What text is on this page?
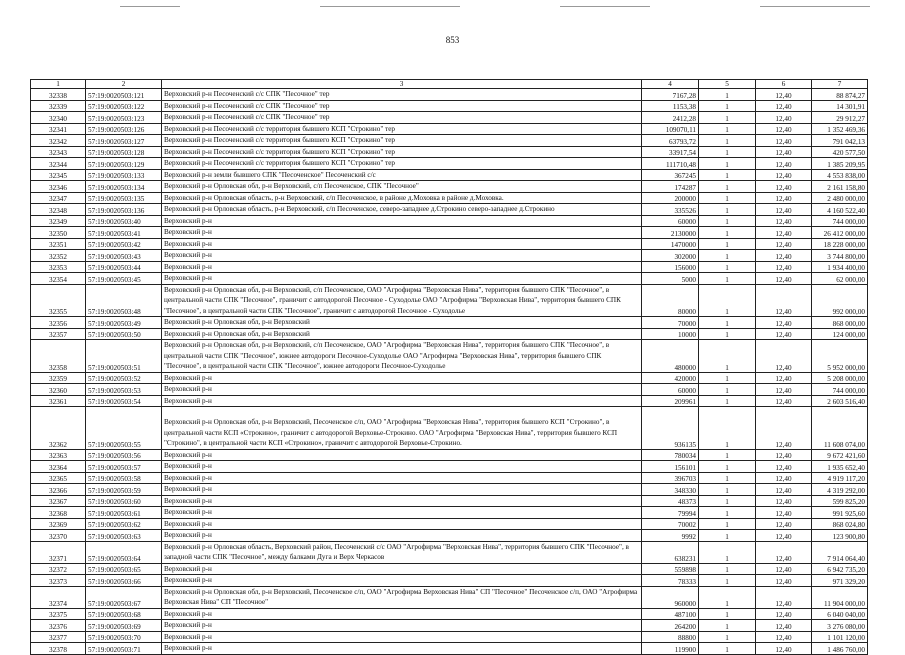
853
1	2	3	4	5	6	7
32338	57:19:0020503:121	Верховский р-н Песоченский с/с СПК "Песочное" тер	7167,28	1	12,40	88 874,27
32339	57:19:0020503:122	Верховский р-н Песоченский с/с СПК "Песочное" тер	1153,38	1	12,40	14 301,91
32340	57:19:0020503:123	Верховский р-н Песоченский с/с СПК "Песочное" тер	2412,28	1	12,40	29 912,27
32341	57:19:0020503:126	Верховский р-н Песоченский с/с территория бывшего КСП "Строкино" тер	109070,11	1	12,40	1 352 469,36
32342	57:19:0020503:127	Верховский р-н Песоченский с/с территория бывшего КСП "Строкино" тер	63793,72	1	12,40	791 042,13
32343	57:19:0020503:128	Верховский р-н Песоченский с/с территория бывшего КСП "Строкино" тер	33917,54	1	12,40	420 577,50
32344	57:19:0020503:129	Верховский р-н Песоченский с/с территория бывшего КСП "Строкино" тер	111710,48	1	12,40	1 385 209,95
32345	57:19:0020503:133	Верховский р-н земли бывшего СПК "Песоченское" Песоченский с/с	367245	1	12,40	4 553 838,00
32346	57:19:0020503:134	Верховский р-н Орловская обл, р-н Верховский, с/п Песоченское, СПК "Песочное"	174287	1	12,40	2 161 158,80
32347	57:19:0020503:135	Верховский р-н Орловская область, р-н Верховский, с/п Песоченское, в районе д.Моховка в районе д.Моховка.	200000	1	12,40	2 480 000,00
32348	57:19:0020503:136	Верховский р-н Орловская область, р-н Верховский, с/п Песоченское, северо-западнее д.Строкино северо-западнее д.Строкино	335526	1	12,40	4 160 522,40
32349	57:19:0020503:40	Верховский р-н	60000	1	12,40	744 000,00
32350	57:19:0020503:41	Верховский р-н	2130000	1	12,40	26 412 000,00
32351	57:19:0020503:42	Верховский р-н	1470000	1	12,40	18 228 000,00
32352	57:19:0020503:43	Верховский р-н	302000	1	12,40	3 744 800,00
32353	57:19:0020503:44	Верховский р-н	156000	1	12,40	1 934 400,00
32354	57:19:0020503:45	Верховский р-н	5000	1	12,40	62 000,00
32355	57:19:0020503:48	Верховский р-н Орловская обл, р-н Верховский, с/п Песоченское, ОАО "Агрофирма "Верховская Нива", территория бывшего СПК "Песочное", в центральной части СПК "Песочное", граничит с автодорогой Песочное - Суходолье ОАО "Агрофирма "Верховская Нива", территория бывшего СПК "Песочное", в центральной части СПК "Песочное", граничит с автодорогой Песочное - Суходолье	80000	1	12,40	992 000,00
32356	57:19:0020503:49	Верховский р-н Орловская обл, р-н Верховский	70000	1	12,40	868 000,00
32357	57:19:0020503:50	Верховский р-н Орловская обл, р-н Верховский	10000	1	12,40	124 000,00
32358	57:19:0020503:51	Верховский р-н Орловская обл, р-н Верховский, с/п Песоченское, ОАО "Агрофирма "Верховская Нива", территория бывшего СПК "Песочное", в центральной части СПК "Песочное", южнее автодороги Песочное-Суходолье ОАО "Агрофирма "Верховская Нива", территория бывшего СПК "Песочное", в центральной части СПК "Песочное", южнее автодороги Песочное-Суходолье	480000	1	12,40	5 952 000,00
32359	57:19:0020503:52	Верховский р-н	420000	1	12,40	5 208 000,00
32360	57:19:0020503:53	Верховский р-н	60000	1	12,40	744 000,00
32361	57:19:0020503:54	Верховский р-н	209961	1	12,40	2 603 516,40
32362	57:19:0020503:55	Верховский р-н Орловская обл, р-н Верховский, Песоченское с/п, ОАО "Агрофирма "Верховская Нива", территория бывшего КСП "Строкино", в центральной части КСП «Строкино», граничит с автодорогой Верховье-Строкино. ОАО "Агрофирма "Верховская Нива", территория бывшего КСП "Строкино", в центральной части КСП «Строкино», граничит с автодорогой Верховье-Строкино.	936135	1	12,40	11 608 074,00
32363	57:19:0020503:56	Верховский р-н	780034	1	12,40	9 672 421,60
32364	57:19:0020503:57	Верховский р-н	156101	1	12,40	1 935 652,40
32365	57:19:0020503:58	Верховский р-н	396703	1	12,40	4 919 117,20
32366	57:19:0020503:59	Верховский р-н	348330	1	12,40	4 319 292,00
32367	57:19:0020503:60	Верховский р-н	48373	1	12,40	599 825,20
32368	57:19:0020503:61	Верховский р-н	79994	1	12,40	991 925,60
32369	57:19:0020503:62	Верховский р-н	70002	1	12,40	868 024,80
32370	57:19:0020503:63	Верховский р-н	9992	1	12,40	123 900,80
32371	57:19:0020503:64	Верховский р-н Орловская область, Верховский район, Песоченский с/с ОАО "Агрофирма "Верховская Нива", территория бывшего СПК "Песочное", в западной части СПК "Песочное", между балками Дуга и Верх Черкасов	638231	1	12,40	7 914 064,40
32372	57:19:0020503:65	Верховский р-н	559898	1	12,40	6 942 735,20
32373	57:19:0020503:66	Верховский р-н	78333	1	12,40	971 329,20
32374	57:19:0020503:67	Верховский р-н Орловская обл, р-н Верховский, Песоченское с/п, ОАО "Агрофирма Верховская Нива" СП "Песочное" Песоченское с/п, ОАО "Агрофирма Верховская Нива" СП "Песочное"	960000	1	12,40	11 904 000,00
32375	57:19:0020503:68	Верховский р-н	487100	1	12,40	6 040 040,00
32376	57:19:0020503:69	Верховский р-н	264200	1	12,40	3 276 080,00
32377	57:19:0020503:70	Верховский р-н	88800	1	12,40	1 101 120,00
32378	57:19:0020503:71	Верховский р-н	119900	1	12,40	1 486 760,00
